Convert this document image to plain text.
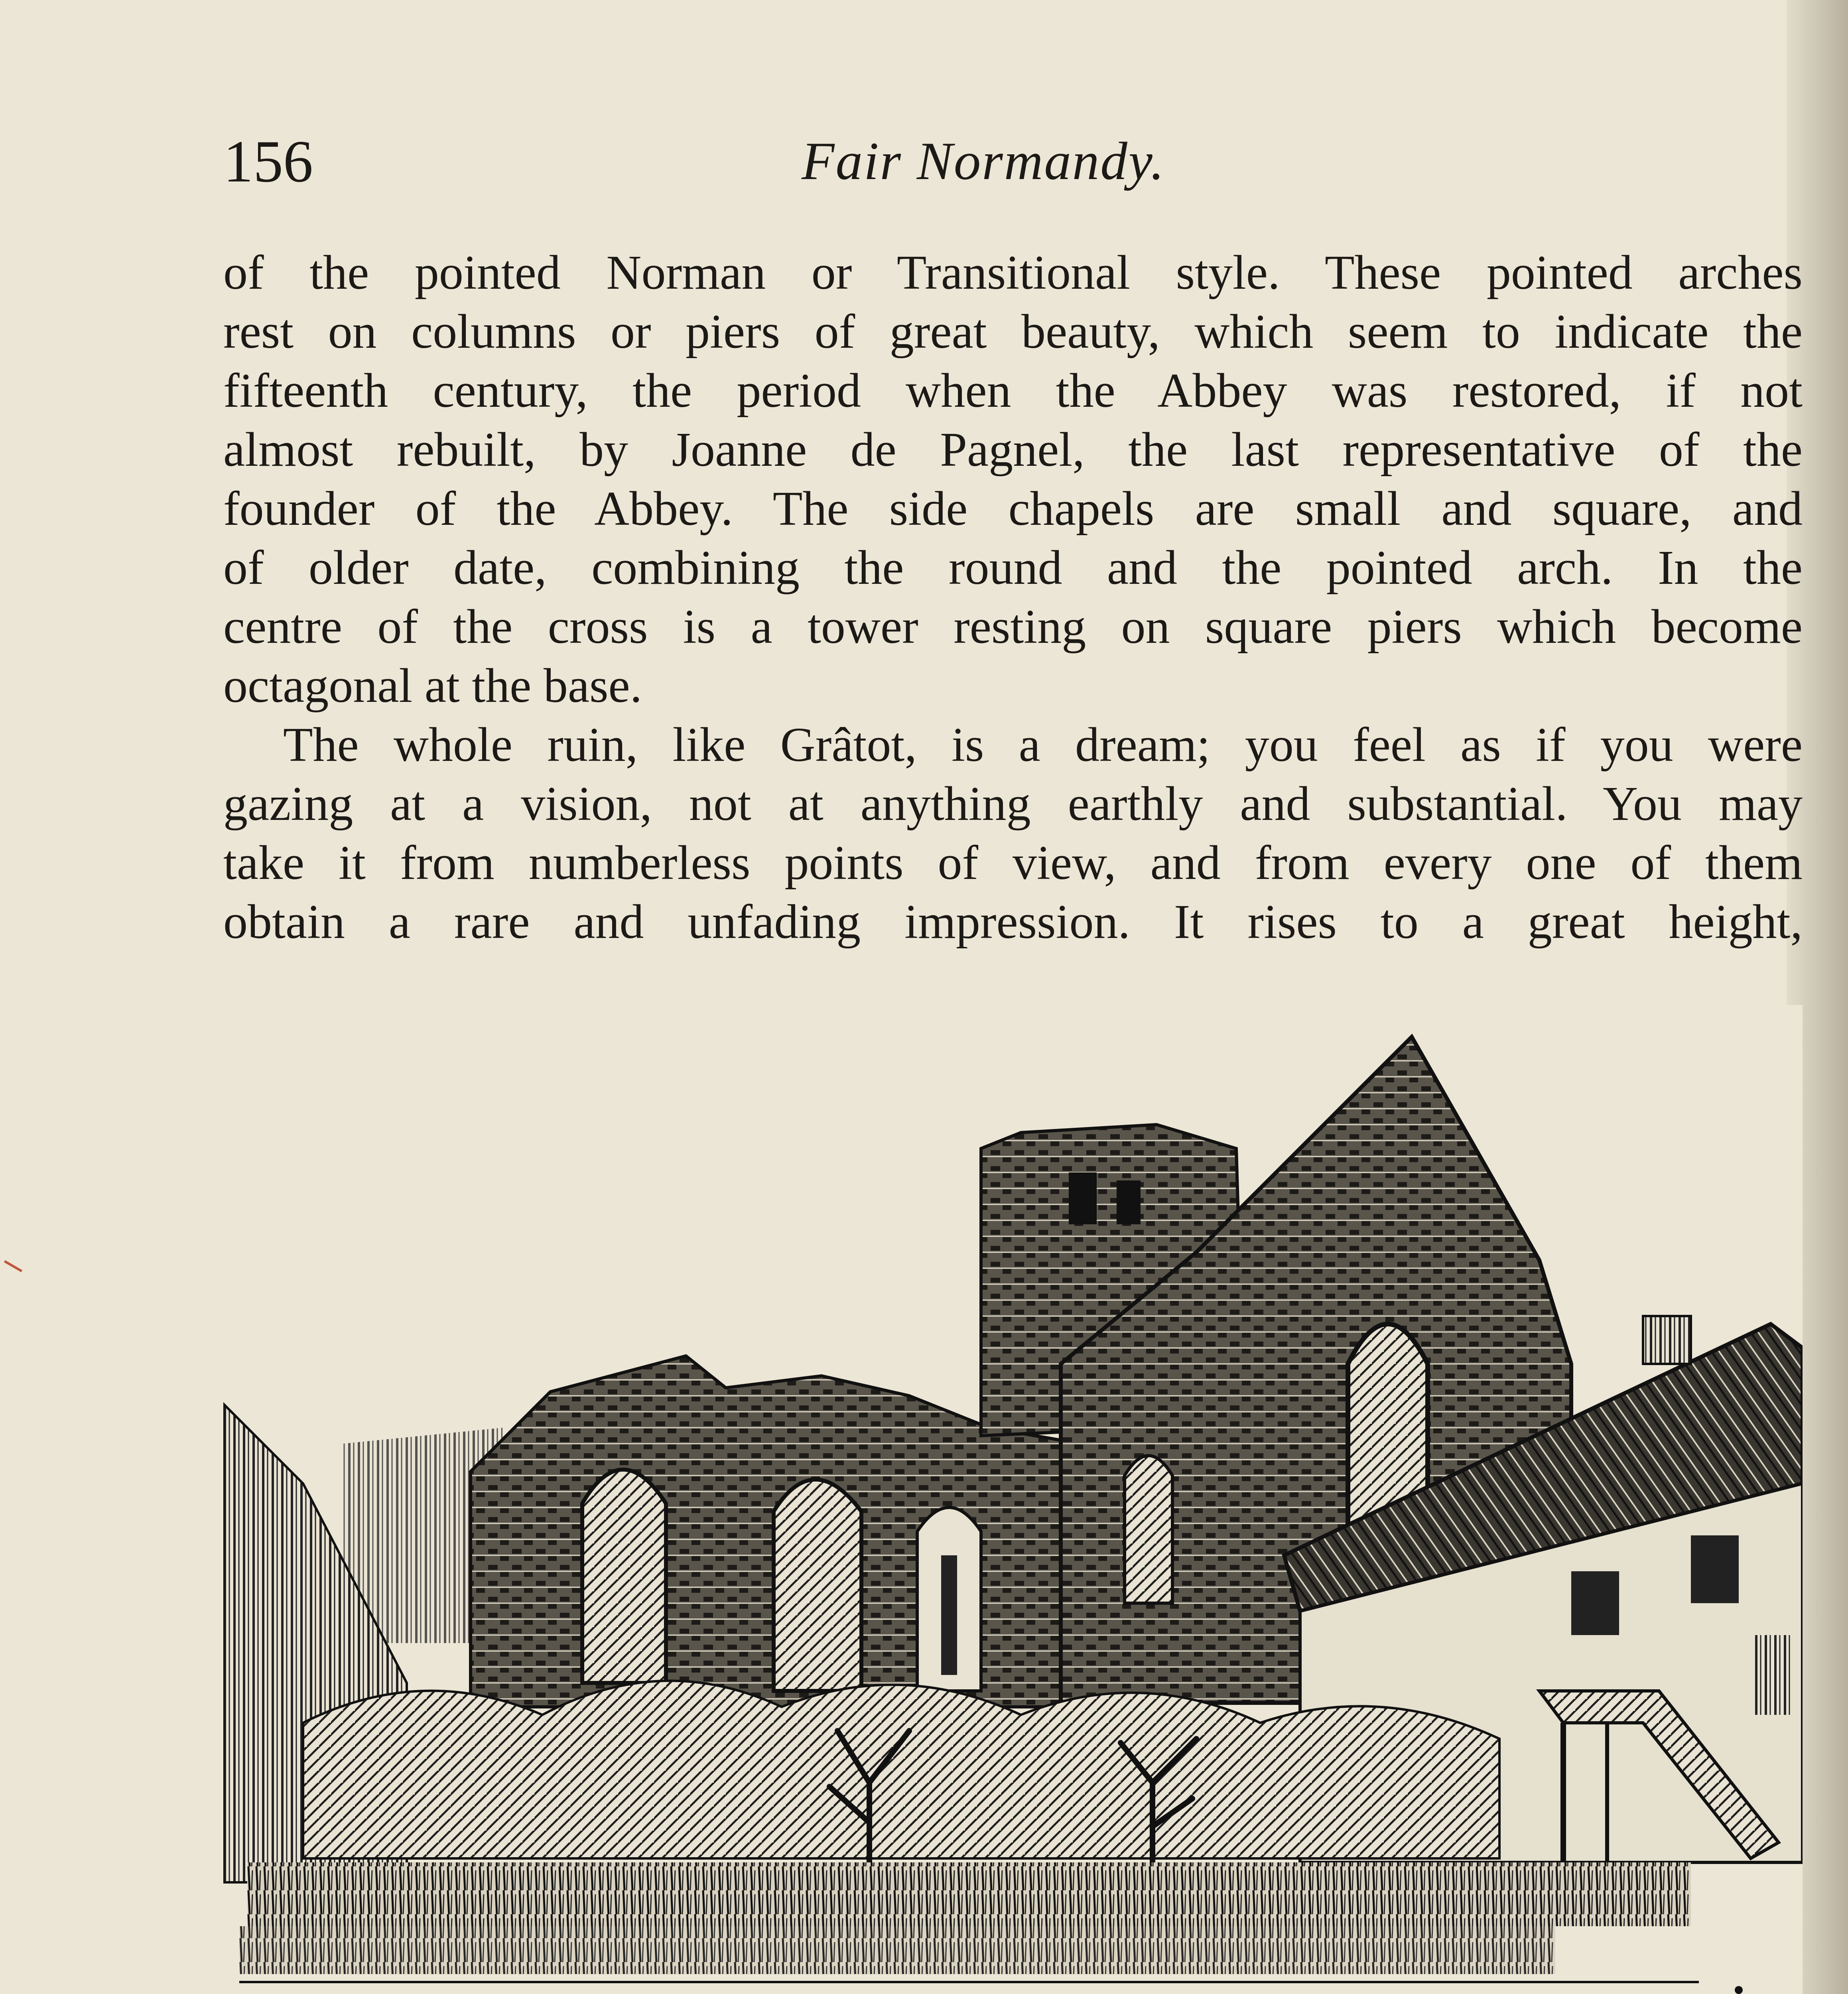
156	Fair Normandy.
of the pointed Norman or Transitional style. These pointed arches
rest on columns or piers of great beauty, which seem to indicate the
fifteenth century, the period when the Abbey was restored, if not
almost rebuilt, by Joanne de Pagnel, the last representative of the
founder of the Abbey. The side chapels are small and square, and
of older date, combining the round and the pointed arch. In the
centre of the cross is a tower resting on square piers which become
octagonal at the base.
The whole ruin, like Grâtot, is a dream; you feel as if you were
gazing at a vision, not at anything earthly and substantial. You may
take it from numberless points of view, and from every one of them
obtain a rare and unfading impression. It rises to a great height,
